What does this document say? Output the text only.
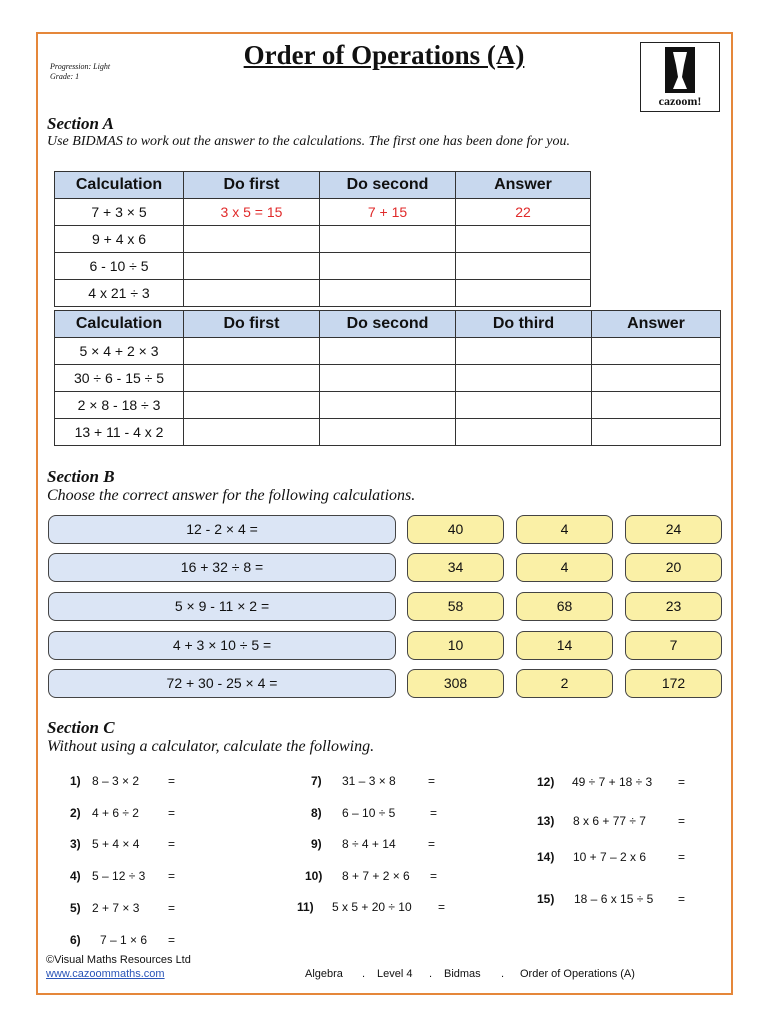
Progression: Light
Grade: 1
Order of Operations (A)
cazoom!
Section A
Use BIDMAS to work out the answer to the calculations. The first one has been done for you.
Calculation	Do first	Do second	Answer
7 + 3 × 5	3 x 5 = 15	7 + 15	22
9 + 4 x 6			
6 - 10 ÷ 5			
4 x 21 ÷ 3			
Calculation	Do first	Do second	Do third	Answer
5 × 4 + 2 × 3				
30 ÷ 6 - 15 ÷ 5				
2 × 8 - 18 ÷ 3				
13 + 11 - 4 x 2				
Section B
Choose the correct answer for the following calculations.
12 - 2 × 4 =	40	4	24
16 + 32 ÷ 8 =	34	4	20
5 × 9 - 11 × 2 =	58	68	23
4 + 3 × 10 ÷ 5 =	10	14	7
72 + 30 - 25 × 4 =	308	2	172
Section C
Without using a calculator, calculate the following.
1) 8 – 3 × 2 =
2) 4 + 6 ÷ 2 =
3) 5 + 4 × 4 =
4) 5 – 12 ÷ 3 =
5) 2 + 7 × 3 =
6) 7 – 1 × 6 =
7) 31 – 3 × 8	=
8) 6 – 10 ÷ 5	=
9) 8 ÷ 4 + 14	=
10) 8 + 7 + 2 × 6 =
11) 5 x 5 + 20 ÷ 10 =
12) 49 ÷ 7 + 18 ÷ 3 =
13) 8 x 6 + 77 ÷ 7	=
14) 10 + 7 – 2 x 6	=
15) 18 – 6 x 15 ÷ 5 =
©Visual Maths Resources Ltd
www.cazoommaths.com	Algebra . Level 4 . Bidmas . Order of Operations (A)
